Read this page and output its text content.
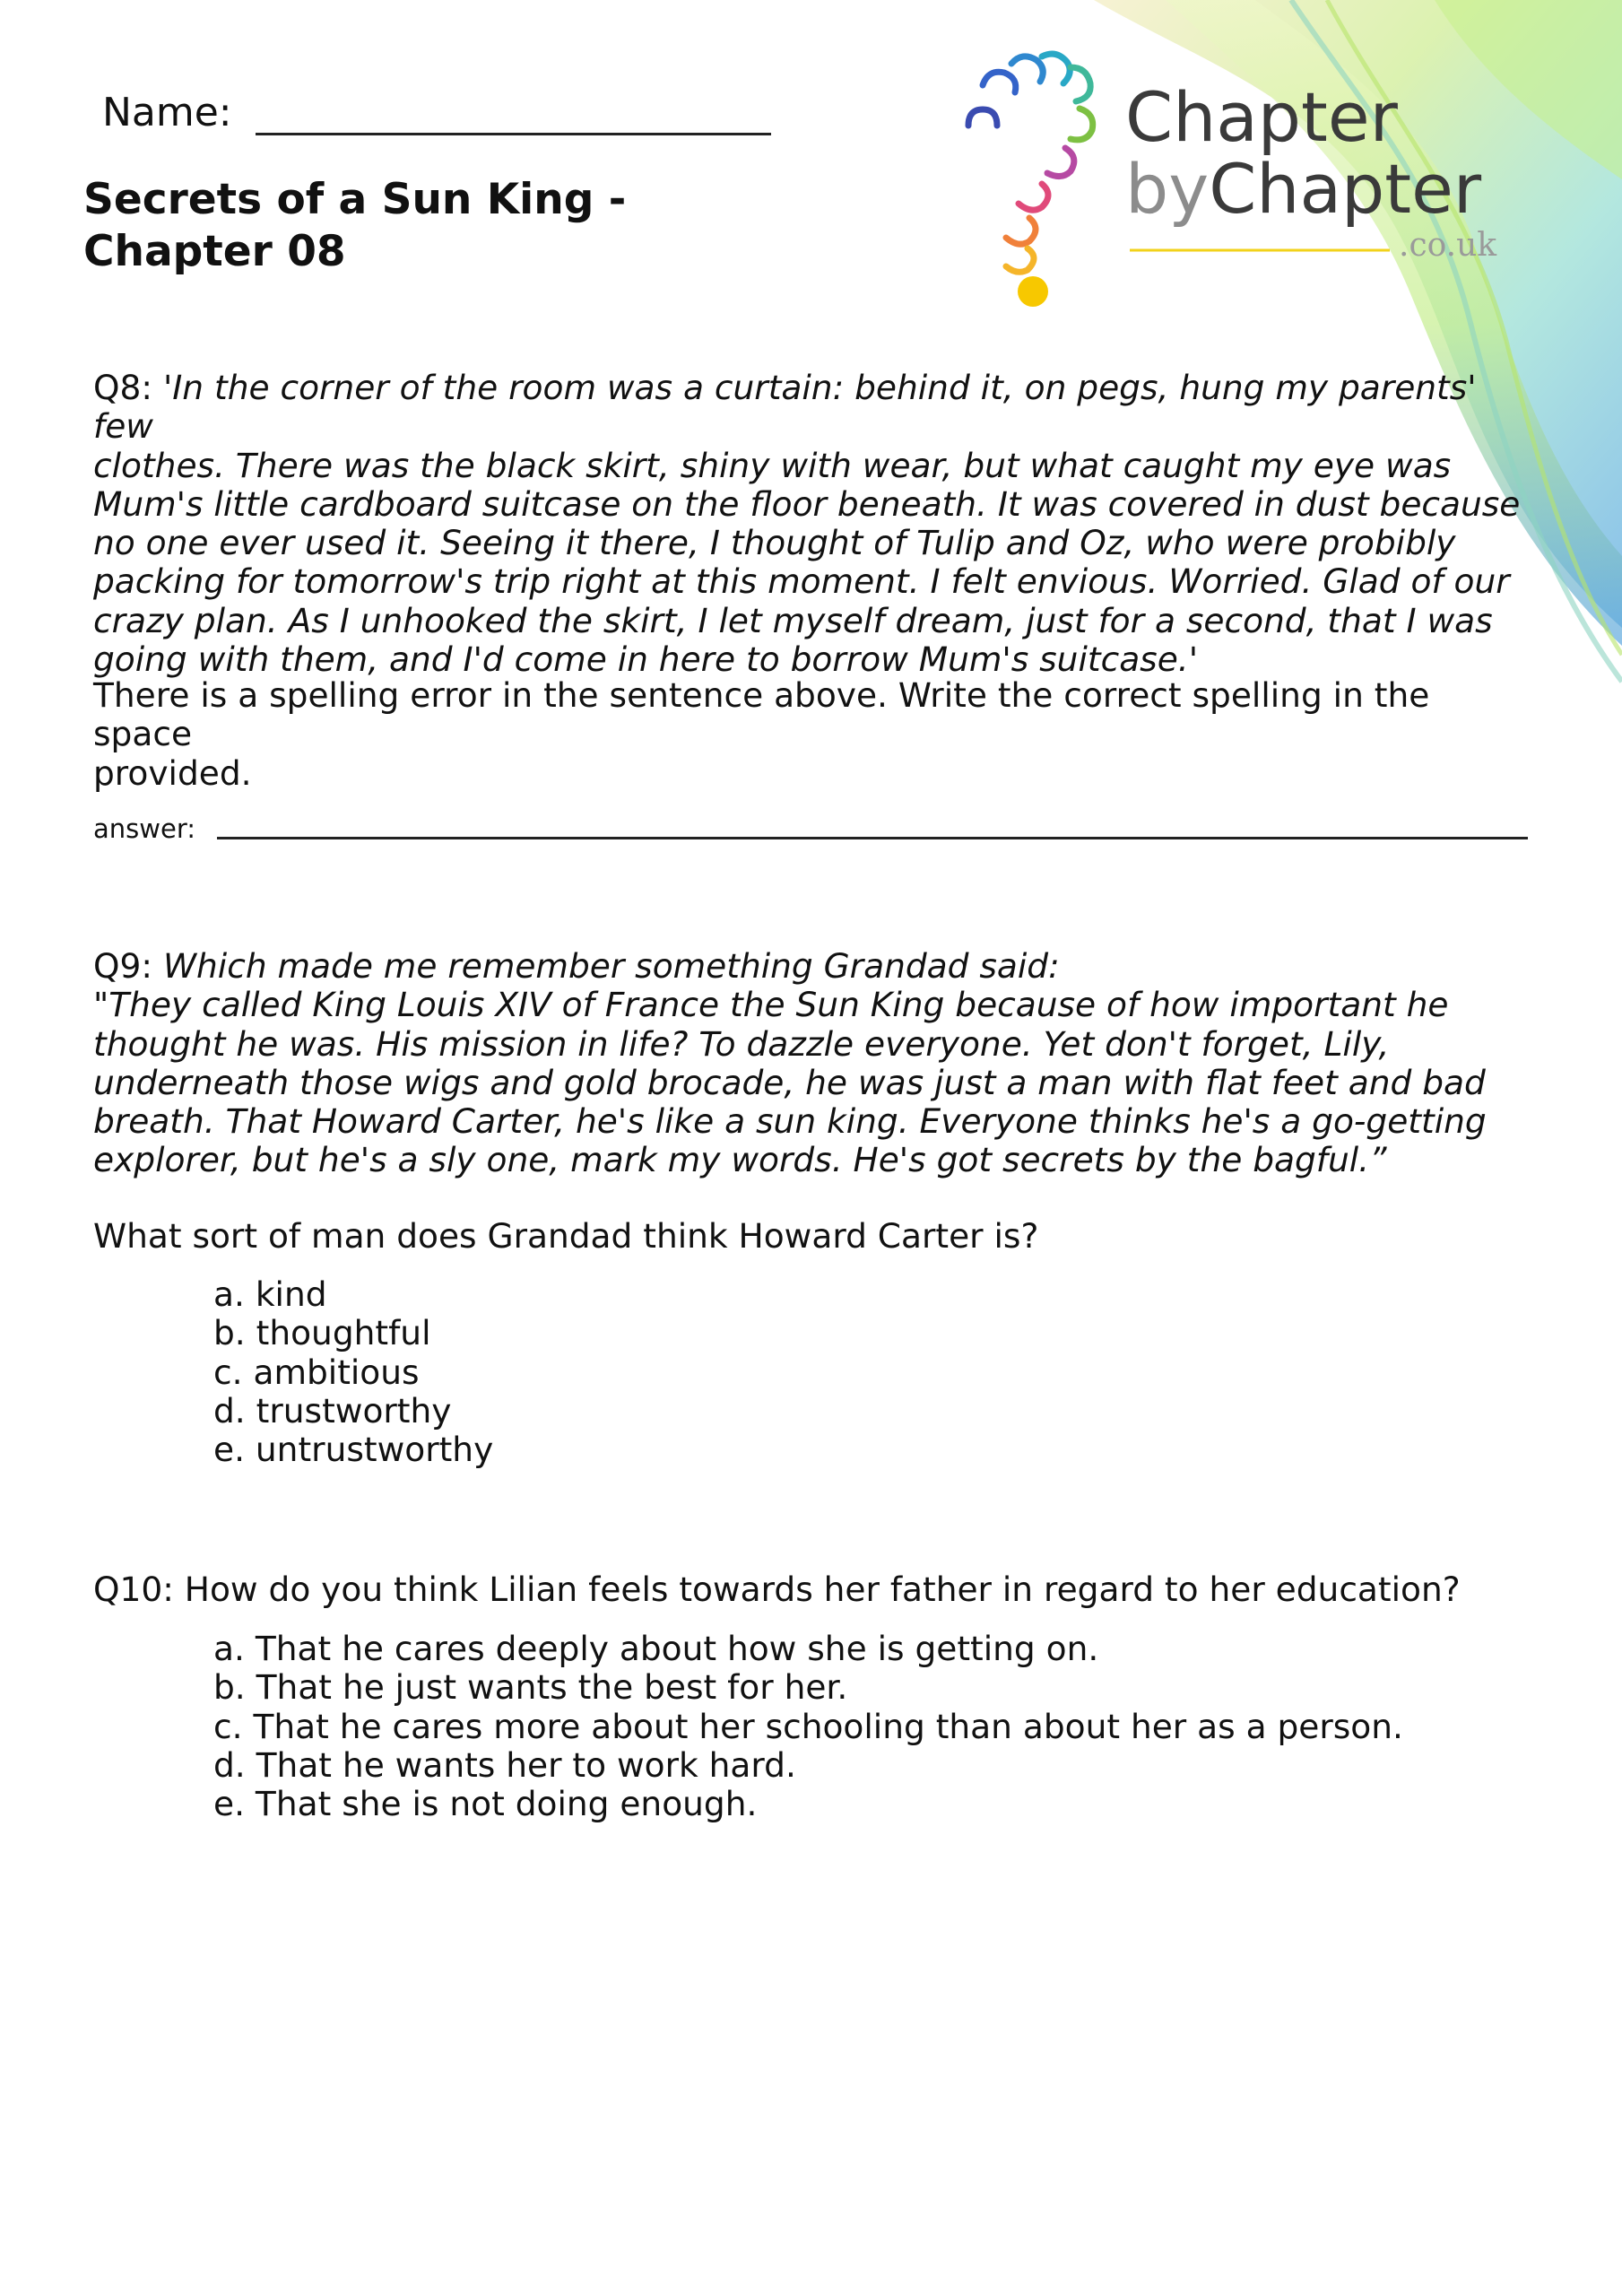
Chapter
byChapter
.co.uk
Name:
Secrets of a Sun King -
Chapter 08
Q8: 'In the corner of the room was a curtain: behind it, on pegs, hung my parents' few
clothes. There was the black skirt, shiny with wear, but what caught my eye was
Mum's little cardboard suitcase on the floor beneath. It was covered in dust because
no one ever used it. Seeing it there, I thought of Tulip and Oz, who were probibly
packing for tomorrow's trip right at this moment. I felt envious. Worried. Glad of our
crazy plan. As I unhooked the skirt, I let myself dream, just for a second, that I was
going with them, and I'd come in here to borrow Mum's suitcase.'
There is a spelling error in the sentence above. Write the correct spelling in the space
provided.
answer:
Q9: Which made me remember something Grandad said:
"They called King Louis XIV of France the Sun King because of how important he
thought he was. His mission in life? To dazzle everyone. Yet don't forget, Lily,
underneath those wigs and gold brocade, he was just a man with flat feet and bad
breath. That Howard Carter, he's like a sun king. Everyone thinks he's a go-getting
explorer, but he's a sly one, mark my words. He's got secrets by the bagful.”
What sort of man does Grandad think Howard Carter is?
a. kind
b. thoughtful
c. ambitious
d. trustworthy
e. untrustworthy
Q10: How do you think Lilian feels towards her father in regard to her education?
a. That he cares deeply about how she is getting on.
b. That he just wants the best for her.
c. That he cares more about her schooling than about her as a person.
d. That he wants her to work hard.
e. That she is not doing enough.
